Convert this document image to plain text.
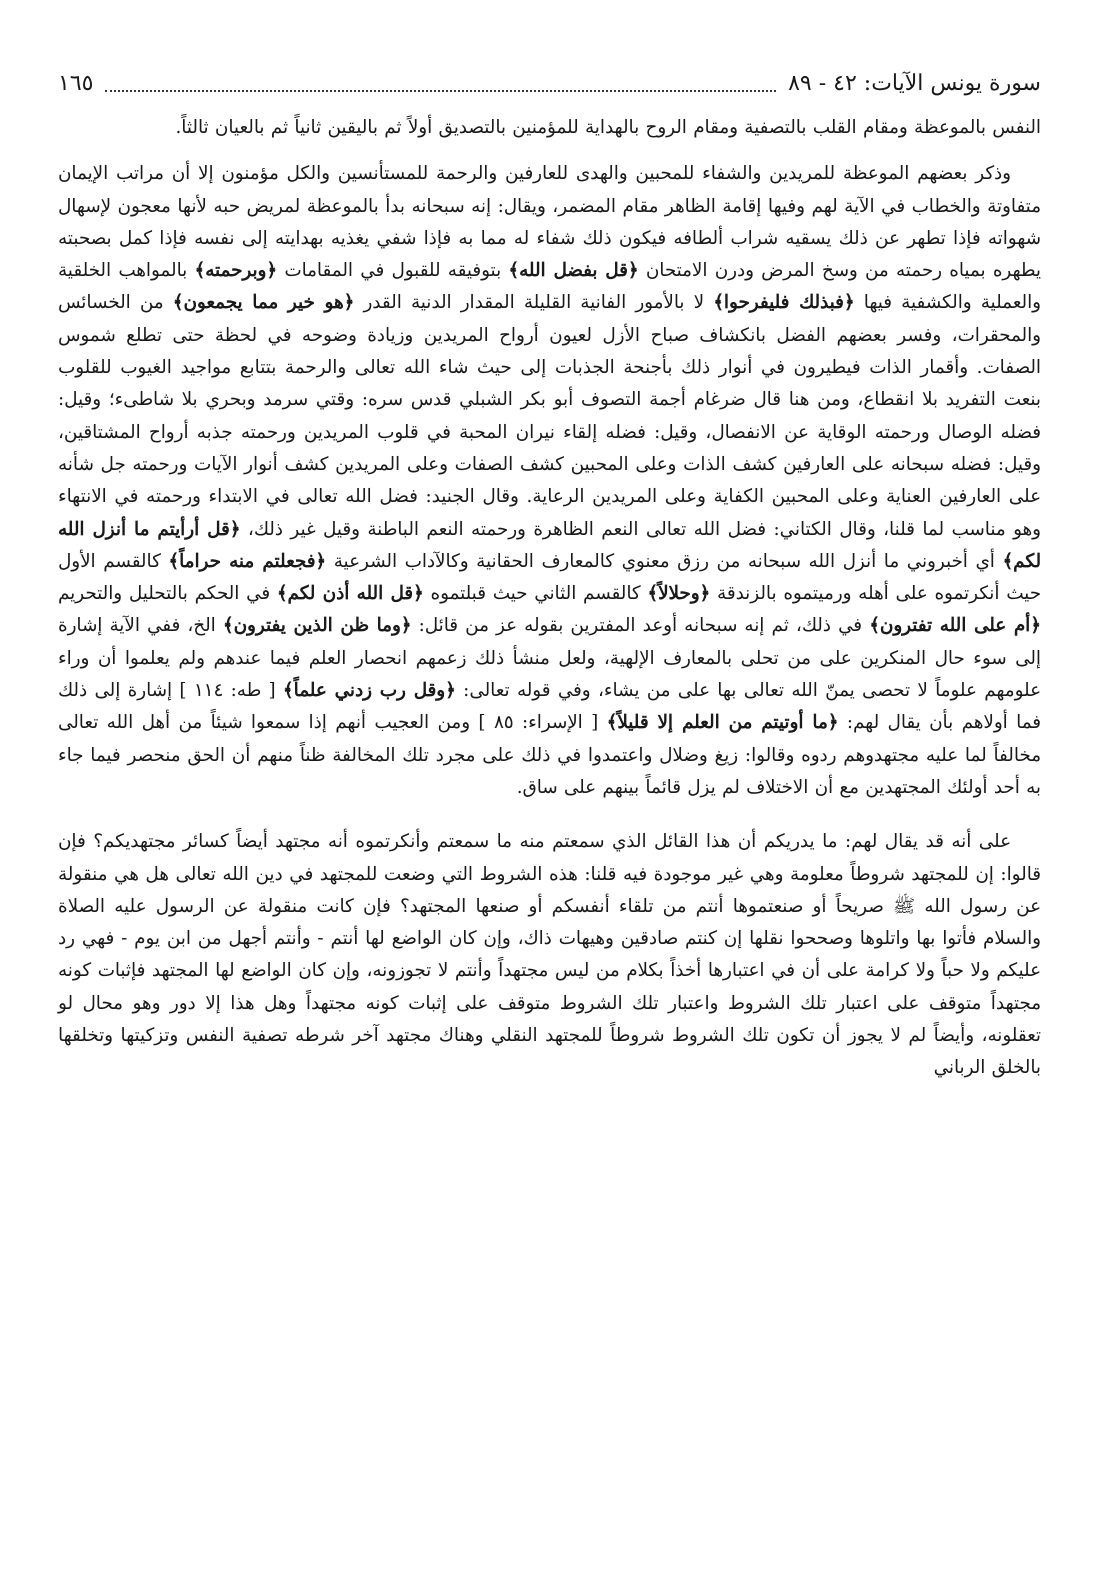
سورة يونس الآيات: ٤٢ - ٨٩
١٦٥

النفس بالموعظة ومقام القلب بالتصفية ومقام الروح بالهداية للمؤمنين بالتصديق أولاً ثم باليقين ثانياً ثم بالعيان ثالثاً.

وذكر بعضهم الموعظة للمريدين والشفاء للمحبين والهدى للعارفين والرحمة للمستأنسين والكل مؤمنون إلا أن مراتب الإيمان متفاوتة والخطاب في الآية لهم وفيها إقامة الظاهر مقام المضمر، ويقال: إنه سبحانه بدأ بالموعظة لمريض حبه لأنها معجون لإسهال شهواته فإذا تطهر عن ذلك يسقيه شراب ألطافه فيكون ذلك شفاء له مما به فإذا شفي يغذيه بهدايته إلى نفسه فإذا كمل بصحبته يطهره بمياه رحمته من وسخ المرض ودرن الامتحان ﴿قل بفضل الله﴾ بتوفيقه للقبول في المقامات ﴿وبرحمته﴾ بالمواهب الخلقية والعملية والكشفية فيها ﴿فبذلك فليفرحوا﴾ لا بالأمور الفانية القليلة المقدار الدنية القدر ﴿هو خير مما يجمعون﴾ من الخسائس والمحقرات، وفسر بعضهم الفضل بانكشاف صباح الأزل لعيون أرواح المريدين وزيادة وضوحه في لحظة حتى تطلع شموس الصفات. وأقمار الذات فيطيرون في أنوار ذلك بأجنحة الجذبات إلى حيث شاء الله تعالى والرحمة بتتابع مواجيد الغيوب للقلوب بنعت التفريد بلا انقطاع، ومن هنا قال ضرغام أجمة التصوف أبو بكر الشبلي قدس سره: وقتي سرمد وبحري بلا شاطىء؛ وقيل: فضله الوصال ورحمته الوقاية عن الانفصال، وقيل: فضله إلقاء نيران المحبة في قلوب المريدين ورحمته جذبه أرواح المشتاقين، وقيل: فضله سبحانه على العارفين كشف الذات وعلى المحبين كشف الصفات وعلى المريدين كشف أنوار الآيات ورحمته جل شأنه على العارفين العناية وعلى المحبين الكفاية وعلى المريدين الرعاية. وقال الجنيد: فضل الله تعالى في الابتداء ورحمته في الانتهاء وهو مناسب لما قلنا، وقال الكتاني: فضل الله تعالى النعم الظاهرة ورحمته النعم الباطنة وقيل غير ذلك، ﴿قل أرأيتم ما أنزل الله لكم﴾ أي أخبروني ما أنزل الله سبحانه من رزق معنوي كالمعارف الحقانية وكالآداب الشرعية ﴿فجعلتم منه حراماً﴾ كالقسم الأول حيث أنكرتموه على أهله ورميتموه بالزندقة ﴿وحلالاً﴾ كالقسم الثاني حيث قبلتموه ﴿قل الله أذن لكم﴾ في الحكم بالتحليل والتحريم ﴿أم على الله تفترون﴾ في ذلك، ثم إنه سبحانه أوعد المفترين بقوله عز من قائل: ﴿وما ظن الذين يفترون﴾ الخ، ففي الآية إشارة إلى سوء حال المنكرين على من تحلى بالمعارف الإلهية، ولعل منشأ ذلك زعمهم انحصار العلم فيما عندهم ولم يعلموا أن وراء علومهم علوماً لا تحصى يمنّ الله تعالى بها على من يشاء، وفي قوله تعالى: ﴿وقل رب زدني علماً﴾ [ طه: ١١٤ ] إشارة إلى ذلك فما أولاهم بأن يقال لهم: ﴿ما أوتيتم من العلم إلا قليلاً﴾ [ الإسراء: ٨٥ ] ومن العجيب أنهم إذا سمعوا شيئاً من أهل الله تعالى مخالفاً لما عليه مجتهدوهم ردوه وقالوا: زيغ وضلال واعتمدوا في ذلك على مجرد تلك المخالفة ظناً منهم أن الحق منحصر فيما جاء به أحد أولئك المجتهدين مع أن الاختلاف لم يزل قائماً بينهم على ساق.

على أنه قد يقال لهم: ما يدريكم أن هذا القائل الذي سمعتم منه ما سمعتم وأنكرتموه أنه مجتهد أيضاً كسائر مجتهديكم؟ فإن قالوا: إن للمجتهد شروطاً معلومة وهي غير موجودة فيه قلنا: هذه الشروط التي وضعت للمجتهد في دين الله تعالى هل هي منقولة عن رسول الله ﷺ صريحاً أو صنعتموها أنتم من تلقاء أنفسكم أو صنعها المجتهد؟ فإن كانت منقولة عن الرسول عليه الصلاة والسلام فأتوا بها واتلوها وصححوا نقلها إن كنتم صادقين وهيهات ذاك، وإن كان الواضع لها أنتم - وأنتم أجهل من ابن يوم - فهي رد عليكم ولا حباً ولا كرامة على أن في اعتبارها أخذاً بكلام من ليس مجتهداً وأنتم لا تجوزونه، وإن كان الواضع لها المجتهد فإثبات كونه مجتهداً متوقف على اعتبار تلك الشروط واعتبار تلك الشروط متوقف على إثبات كونه مجتهداً وهل هذا إلا دور وهو محال لو تعقلونه، وأيضاً لم لا يجوز أن تكون تلك الشروط شروطاً للمجتهد النقلي وهناك مجتهد آخر شرطه تصفية النفس وتزكيتها وتخلقها بالخلق الرباني
